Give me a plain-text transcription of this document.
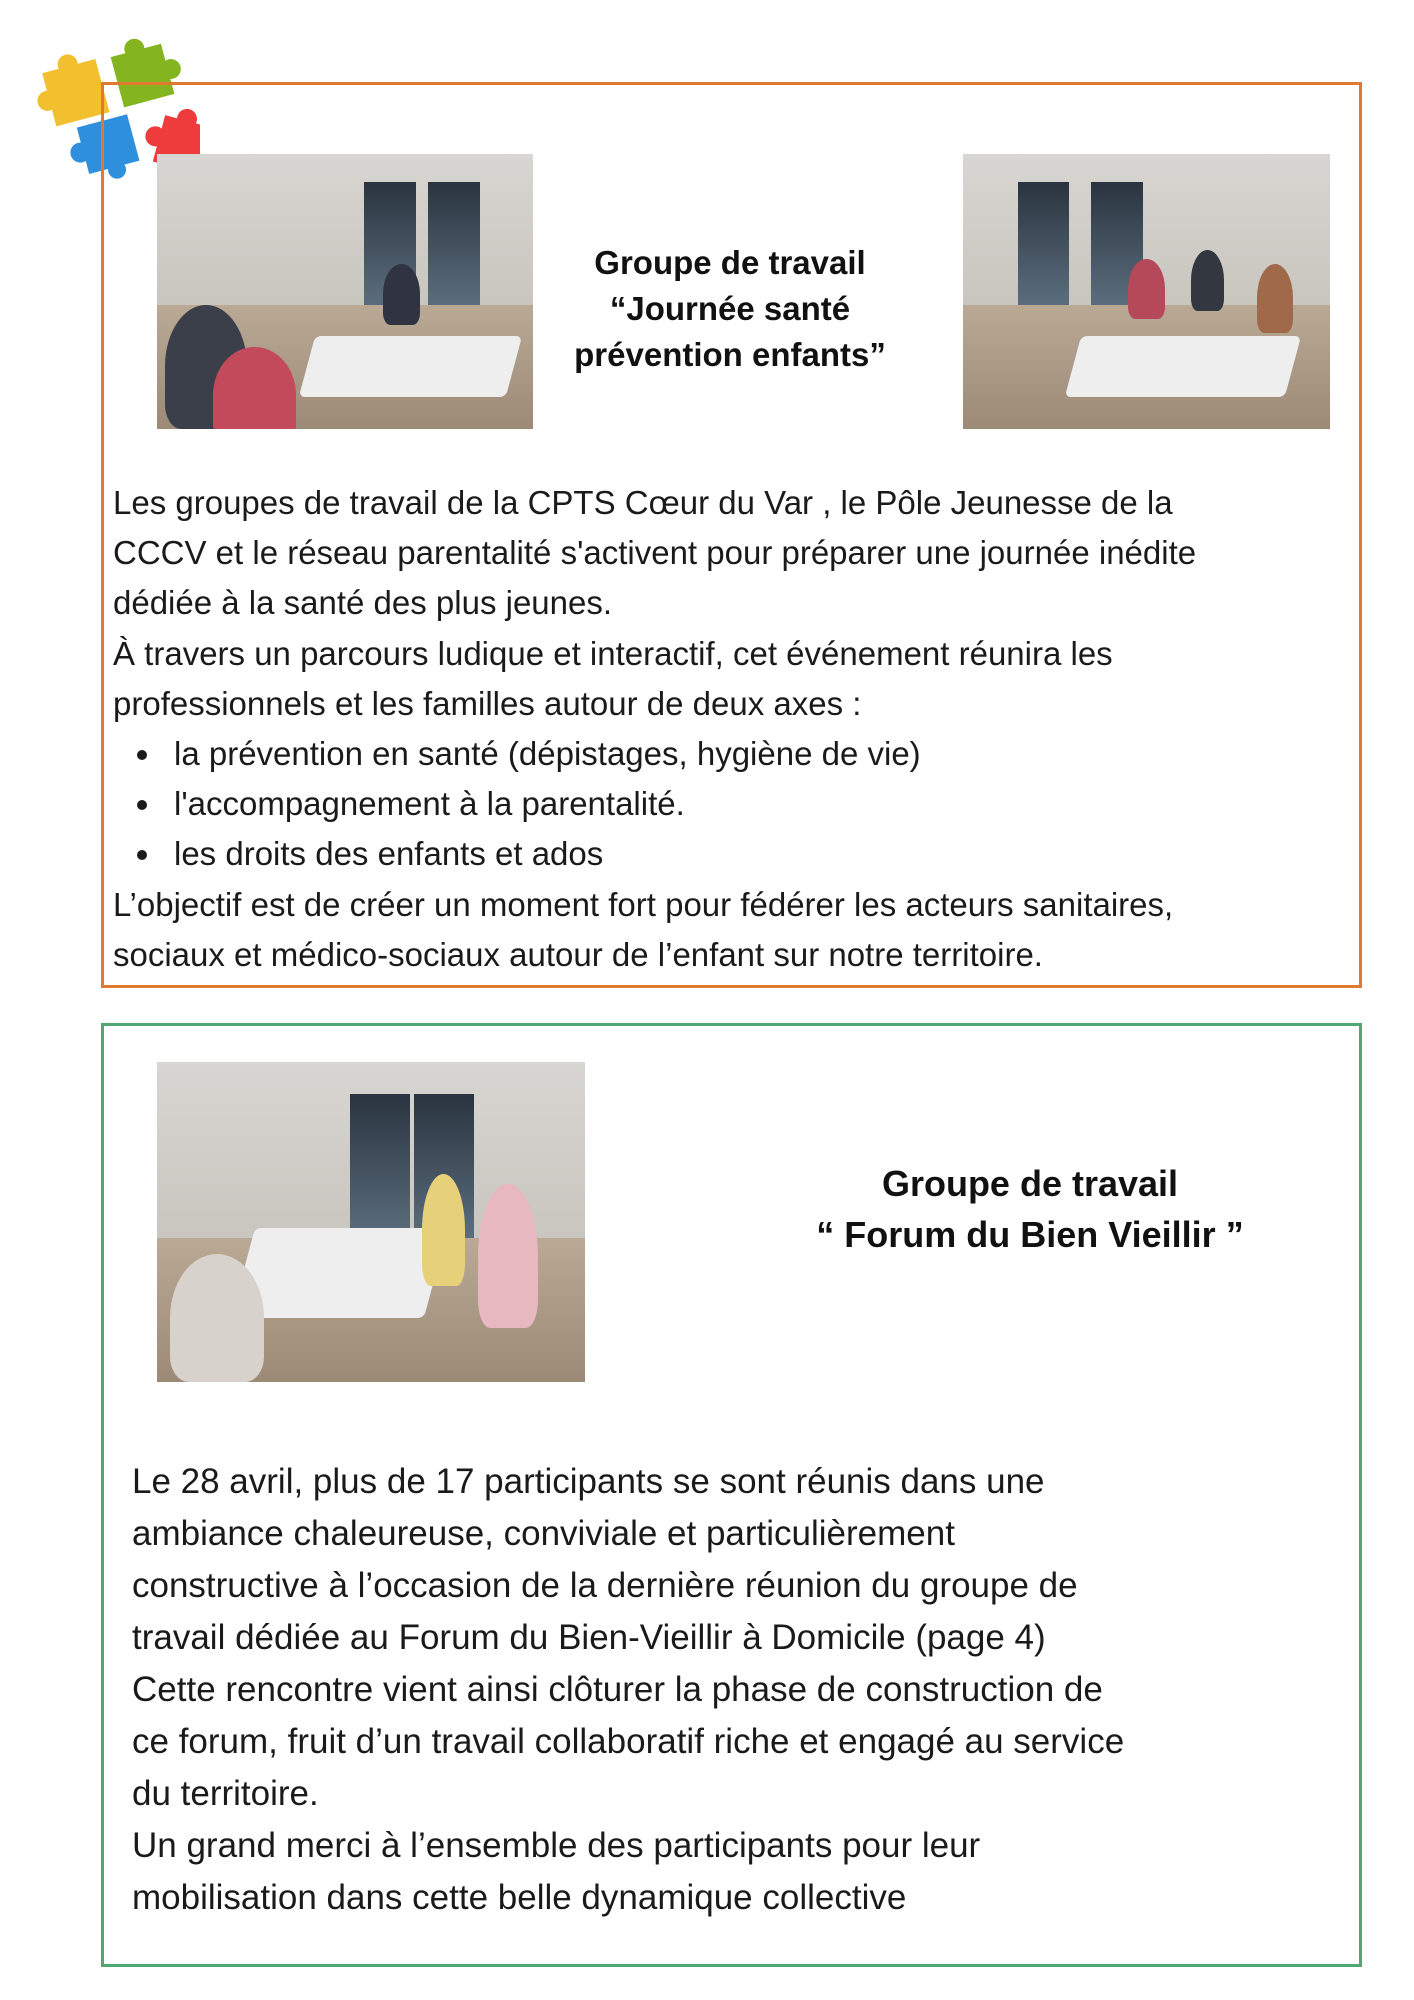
Groupe de travail
“Journée santé
prévention enfants”
Les groupes de travail de la CPTS Cœur du Var , le Pôle Jeunesse de la
CCCV et le réseau parentalité s'activent pour préparer une journée inédite
dédiée à la santé des plus jeunes.
À travers un parcours ludique et interactif, cet événement réunira les
professionnels et les familles autour de deux axes :
la prévention en santé (dépistages, hygiène de vie)
l'accompagnement à la parentalité.
les droits des enfants et ados
L’objectif est de créer un moment fort pour fédérer les acteurs sanitaires,
sociaux et médico-sociaux autour de l’enfant sur notre territoire.
Groupe de travail
“ Forum du Bien Vieillir ”
Le 28 avril, plus de 17 participants se sont réunis dans une
ambiance chaleureuse, conviviale et particulièrement
constructive à l’occasion de la dernière réunion du groupe de
travail dédiée au Forum du Bien-Vieillir à Domicile (page 4)
Cette rencontre vient ainsi clôturer la phase de construction de
ce forum, fruit d’un travail collaboratif riche et engagé au service
du territoire.
Un grand merci à l’ensemble des participants pour leur
mobilisation dans cette belle dynamique collective
